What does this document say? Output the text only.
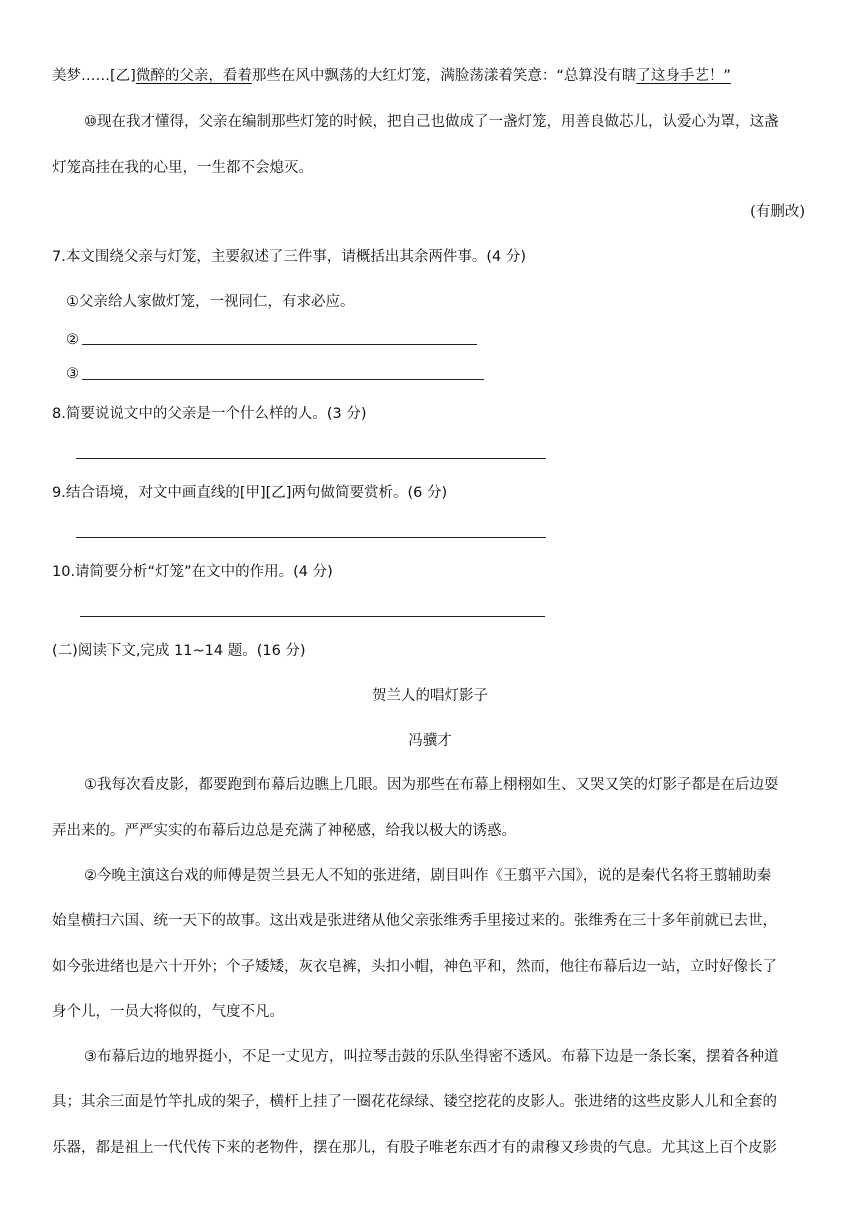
美梦……[乙]微醉的父亲，看着那些在风中飘荡的大红灯笼，满脸荡漾着笑意：“总算没有瞎了这身手艺！”
⑩现在我才懂得，父亲在编制那些灯笼的时候，把自己也做成了一盏灯笼，用善良做芯儿，认爱心为罩，这盏
灯笼高挂在我的心里，一生都不会熄灭。
(有删改)
7.本文围绕父亲与灯笼，主要叙述了三件事，请概括出其余两件事。(4 分)
①父亲给人家做灯笼，一视同仁，有求必应。
②
③
8.简要说说文中的父亲是一个什么样的人。(3 分)
9.结合语境，对文中画直线的[甲][乙]两句做简要赏析。(6 分)
10.请简要分析“灯笼”在文中的作用。(4 分)
(二)阅读下文,完成 11~14 题。(16 分)
贺兰人的唱灯影子
冯骥才
①我每次看皮影，都要跑到布幕后边瞧上几眼。因为那些在布幕上栩栩如生、又哭又笑的灯影子都是在后边耍
弄出来的。严严实实的布幕后边总是充满了神秘感，给我以极大的诱惑。
②今晚主演这台戏的师傅是贺兰县无人不知的张进绪，剧目叫作《王翦平六国》，说的是秦代名将王翦辅助秦
始皇横扫六国、统一天下的故事。这出戏是张进绪从他父亲张维秀手里接过来的。张维秀在三十多年前就已去世，
如今张进绪也是六十开外；个子矮矮，灰衣皂裤，头扣小帽，神色平和，然而，他往布幕后边一站，立时好像长了
身个儿，一员大将似的，气度不凡。
③布幕后边的地界挺小，不足一丈见方，叫拉琴击鼓的乐队坐得密不透风。布幕下边是一条长案，摆着各种道
具；其余三面是竹竿扎成的架子，横杆上挂了一圈花花绿绿、镂空挖花的皮影人。张进绪的这些皮影人儿和全套的
乐器，都是祖上一代代传下来的老物件，摆在那儿，有股子唯老东西才有的肃穆又珍贵的气息。尤其这上百个皮影
